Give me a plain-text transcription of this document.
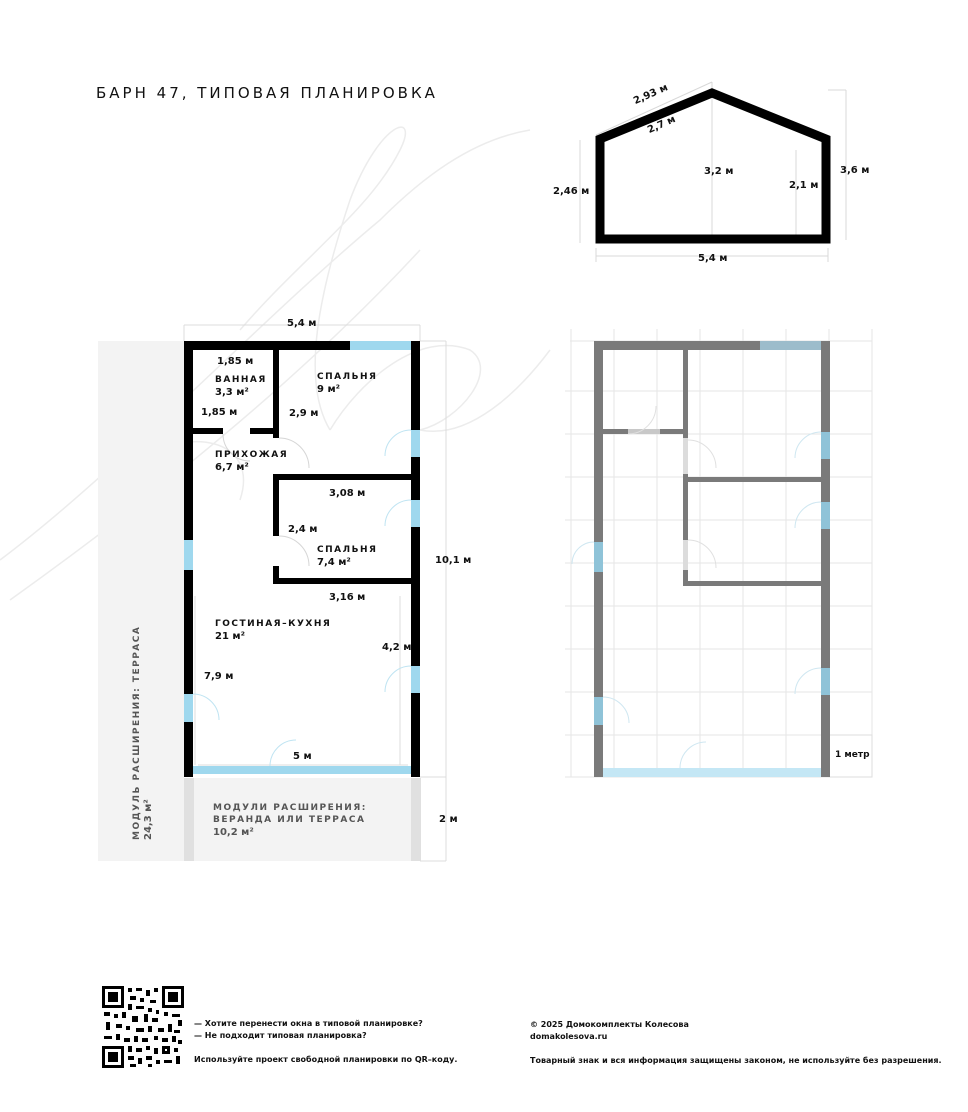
БАРН 47, ТИПОВАЯ ПЛАНИРОВКА	2,93 м
2,7 м
3,2 м
2,1 м
3,6 м
2,46 м
5,4 м
5,4 м
1,85 м
ВАННАЯ
3,3 м²
1,85 м
СПАЛЬНЯ
9 м²
2,9 м
ПРИХОЖАЯ
6,7 м²
3,08 м
2,4 м
СПАЛЬНЯ
7,4 м²
3,16 м
ГОСТИНАЯ–КУХНЯ
21 м²
4,2 м
7,9 м
5 м
10,1 м
2 м
МОДУЛЬ РАСШИРЕНИЯ: ТЕРРАСА 24,3 м²	МОДУЛИ РАСШИРЕНИЯ:
ВЕРАНДА ИЛИ ТЕРРАСА
10,2 м²
1 метр
— Хотите перенести окна в типовой планировке?
— Не подходит типовая планировка?
Используйте проект свободной планировки по QR–коду.
© 2025 Домокомплекты Колесова
domakolesova.ru
Товарный знак и вся информация защищены законом, не используйте без разрешения.
